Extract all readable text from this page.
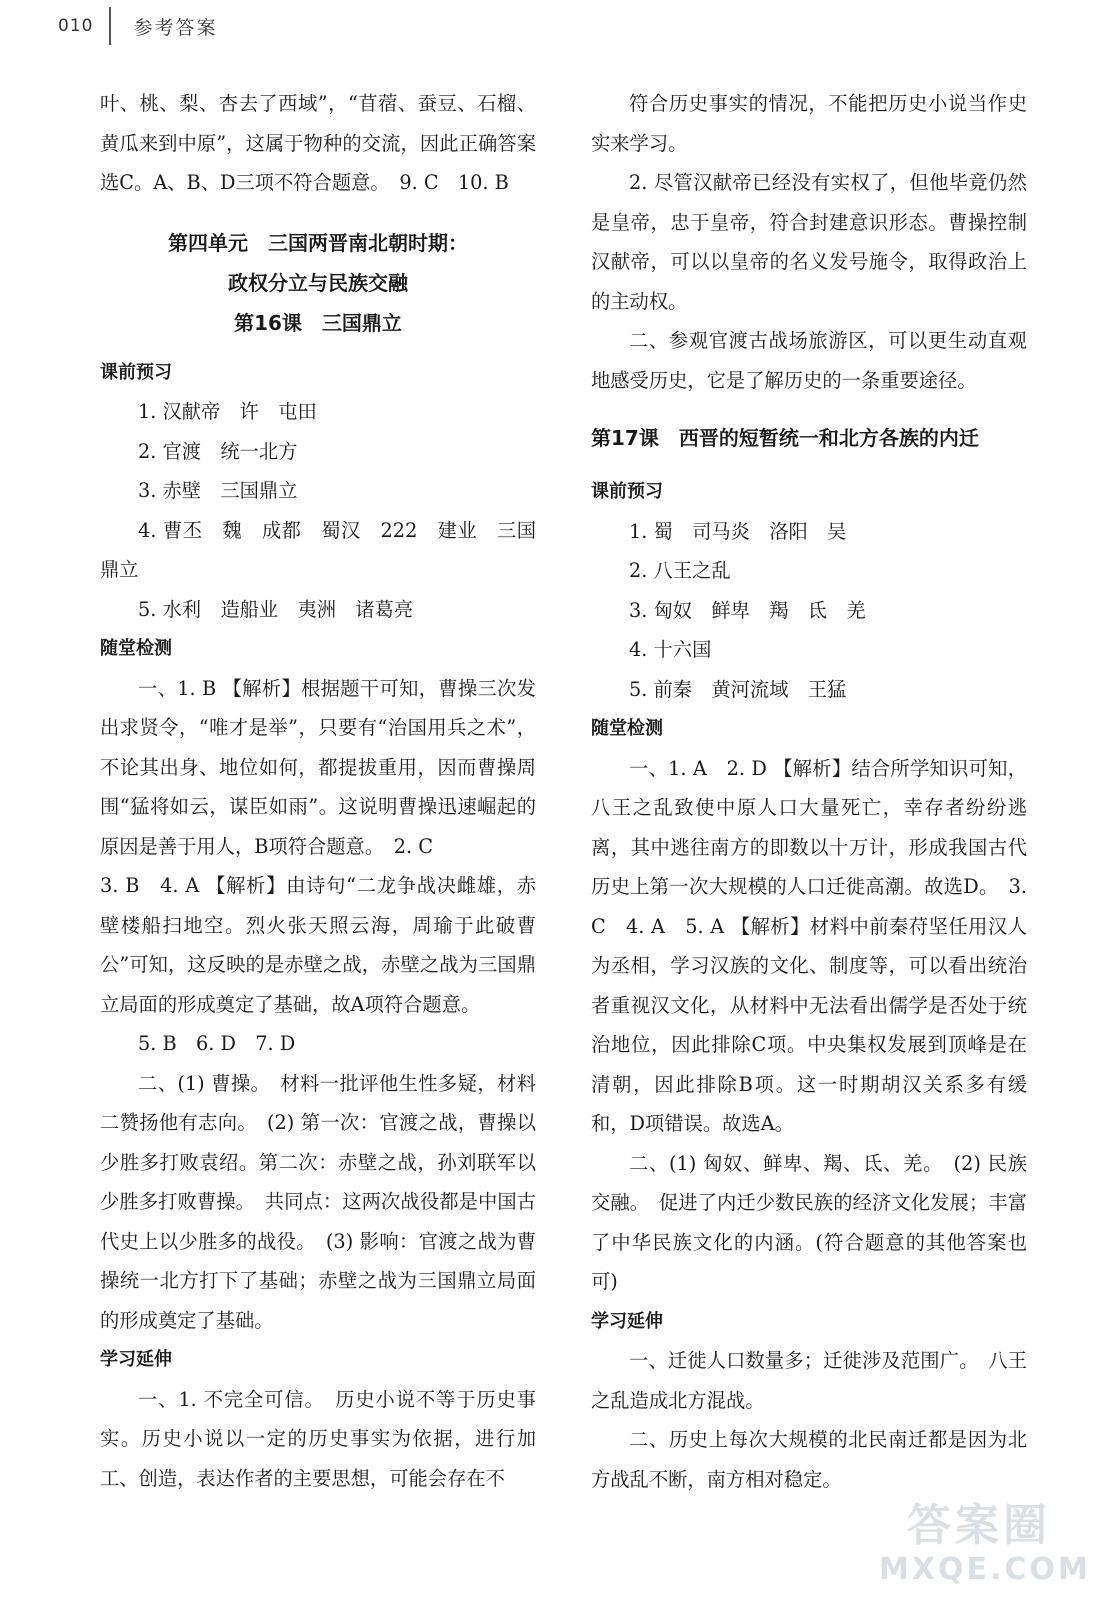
010 参考答案

叶、桃、梨、杏去了西域”，“苜蓿、蚕豆、石榴、黄瓜来到中原”，这属于物种的交流，因此正确答案选C。A、B、D三项不符合题意。　9. C　10. B

第四单元　三国两晋南北朝时期：
政权分立与民族交融
第16课　三国鼎立
课前预习

1. 汉献帝　许　屯田

2. 官渡　统一北方

3. 赤壁　三国鼎立

4. 曹丕　魏　成都　蜀汉　222　建业　三国鼎立

5. 水利　造船业　夷洲　诸葛亮

随堂检测

一、1. B 【解析】根据题干可知，曹操三次发出求贤令，“唯才是举”，只要有“治国用兵之术”，不论其出身、地位如何，都提拔重用，因而曹操周围“猛将如云，谋臣如雨”。这说明曹操迅速崛起的原因是善于用人，B项符合题意。　2. C

3. B　4. A 【解析】由诗句“二龙争战决雌雄，赤壁楼船扫地空。烈火张天照云海，周瑜于此破曹公”可知，这反映的是赤壁之战，赤壁之战为三国鼎立局面的形成奠定了基础，故A项符合题意。

5. B　6. D　7. D

二、(1) 曹操。　材料一批评他生性多疑，材料二赞扬他有志向。　(2) 第一次：官渡之战，曹操以少胜多打败袁绍。第二次：赤壁之战，孙刘联军以少胜多打败曹操。　共同点：这两次战役都是中国古代史上以少胜多的战役。　(3) 影响：官渡之战为曹操统一北方打下了基础；赤壁之战为三国鼎立局面的形成奠定了基础。

学习延伸

一、1. 不完全可信。　历史小说不等于历史事实。历史小说以一定的历史事实为依据，进行加工、创造，表达作者的主要思想，可能会存在不

符合历史事实的情况，不能把历史小说当作史实来学习。

2. 尽管汉献帝已经没有实权了，但他毕竟仍然是皇帝，忠于皇帝，符合封建意识形态。曹操控制汉献帝，可以以皇帝的名义发号施令，取得政治上的主动权。

二、参观官渡古战场旅游区，可以更生动直观地感受历史，它是了解历史的一条重要途径。

第17课　西晋的短暂统一和北方各族的内迁
课前预习

1. 蜀　司马炎　洛阳　吴

2. 八王之乱

3. 匈奴　鲜卑　羯　氐　羌

4. 十六国

5. 前秦　黄河流域　王猛

随堂检测

一、1. A　2. D 【解析】结合所学知识可知，八王之乱致使中原人口大量死亡，幸存者纷纷逃离，其中逃往南方的即数以十万计，形成我国古代历史上第一次大规模的人口迁徙高潮。故选D。　3. C　4. A　5. A 【解析】材料中前秦苻坚任用汉人为丞相，学习汉族的文化、制度等，可以看出统治者重视汉文化，从材料中无法看出儒学是否处于统治地位，因此排除C项。中央集权发展到顶峰是在清朝，因此排除B项。这一时期胡汉关系多有缓和，D项错误。故选A。

二、(1) 匈奴、鲜卑、羯、氐、羌。　(2) 民族交融。　促进了内迁少数民族的经济文化发展；丰富了中华民族文化的内涵。(符合题意的其他答案也可)

学习延伸

一、迁徙人口数量多；迁徙涉及范围广。　八王之乱造成北方混战。

二、历史上每次大规模的北民南迁都是因为北方战乱不断，南方相对稳定。

答案圈
MXQE.COM
